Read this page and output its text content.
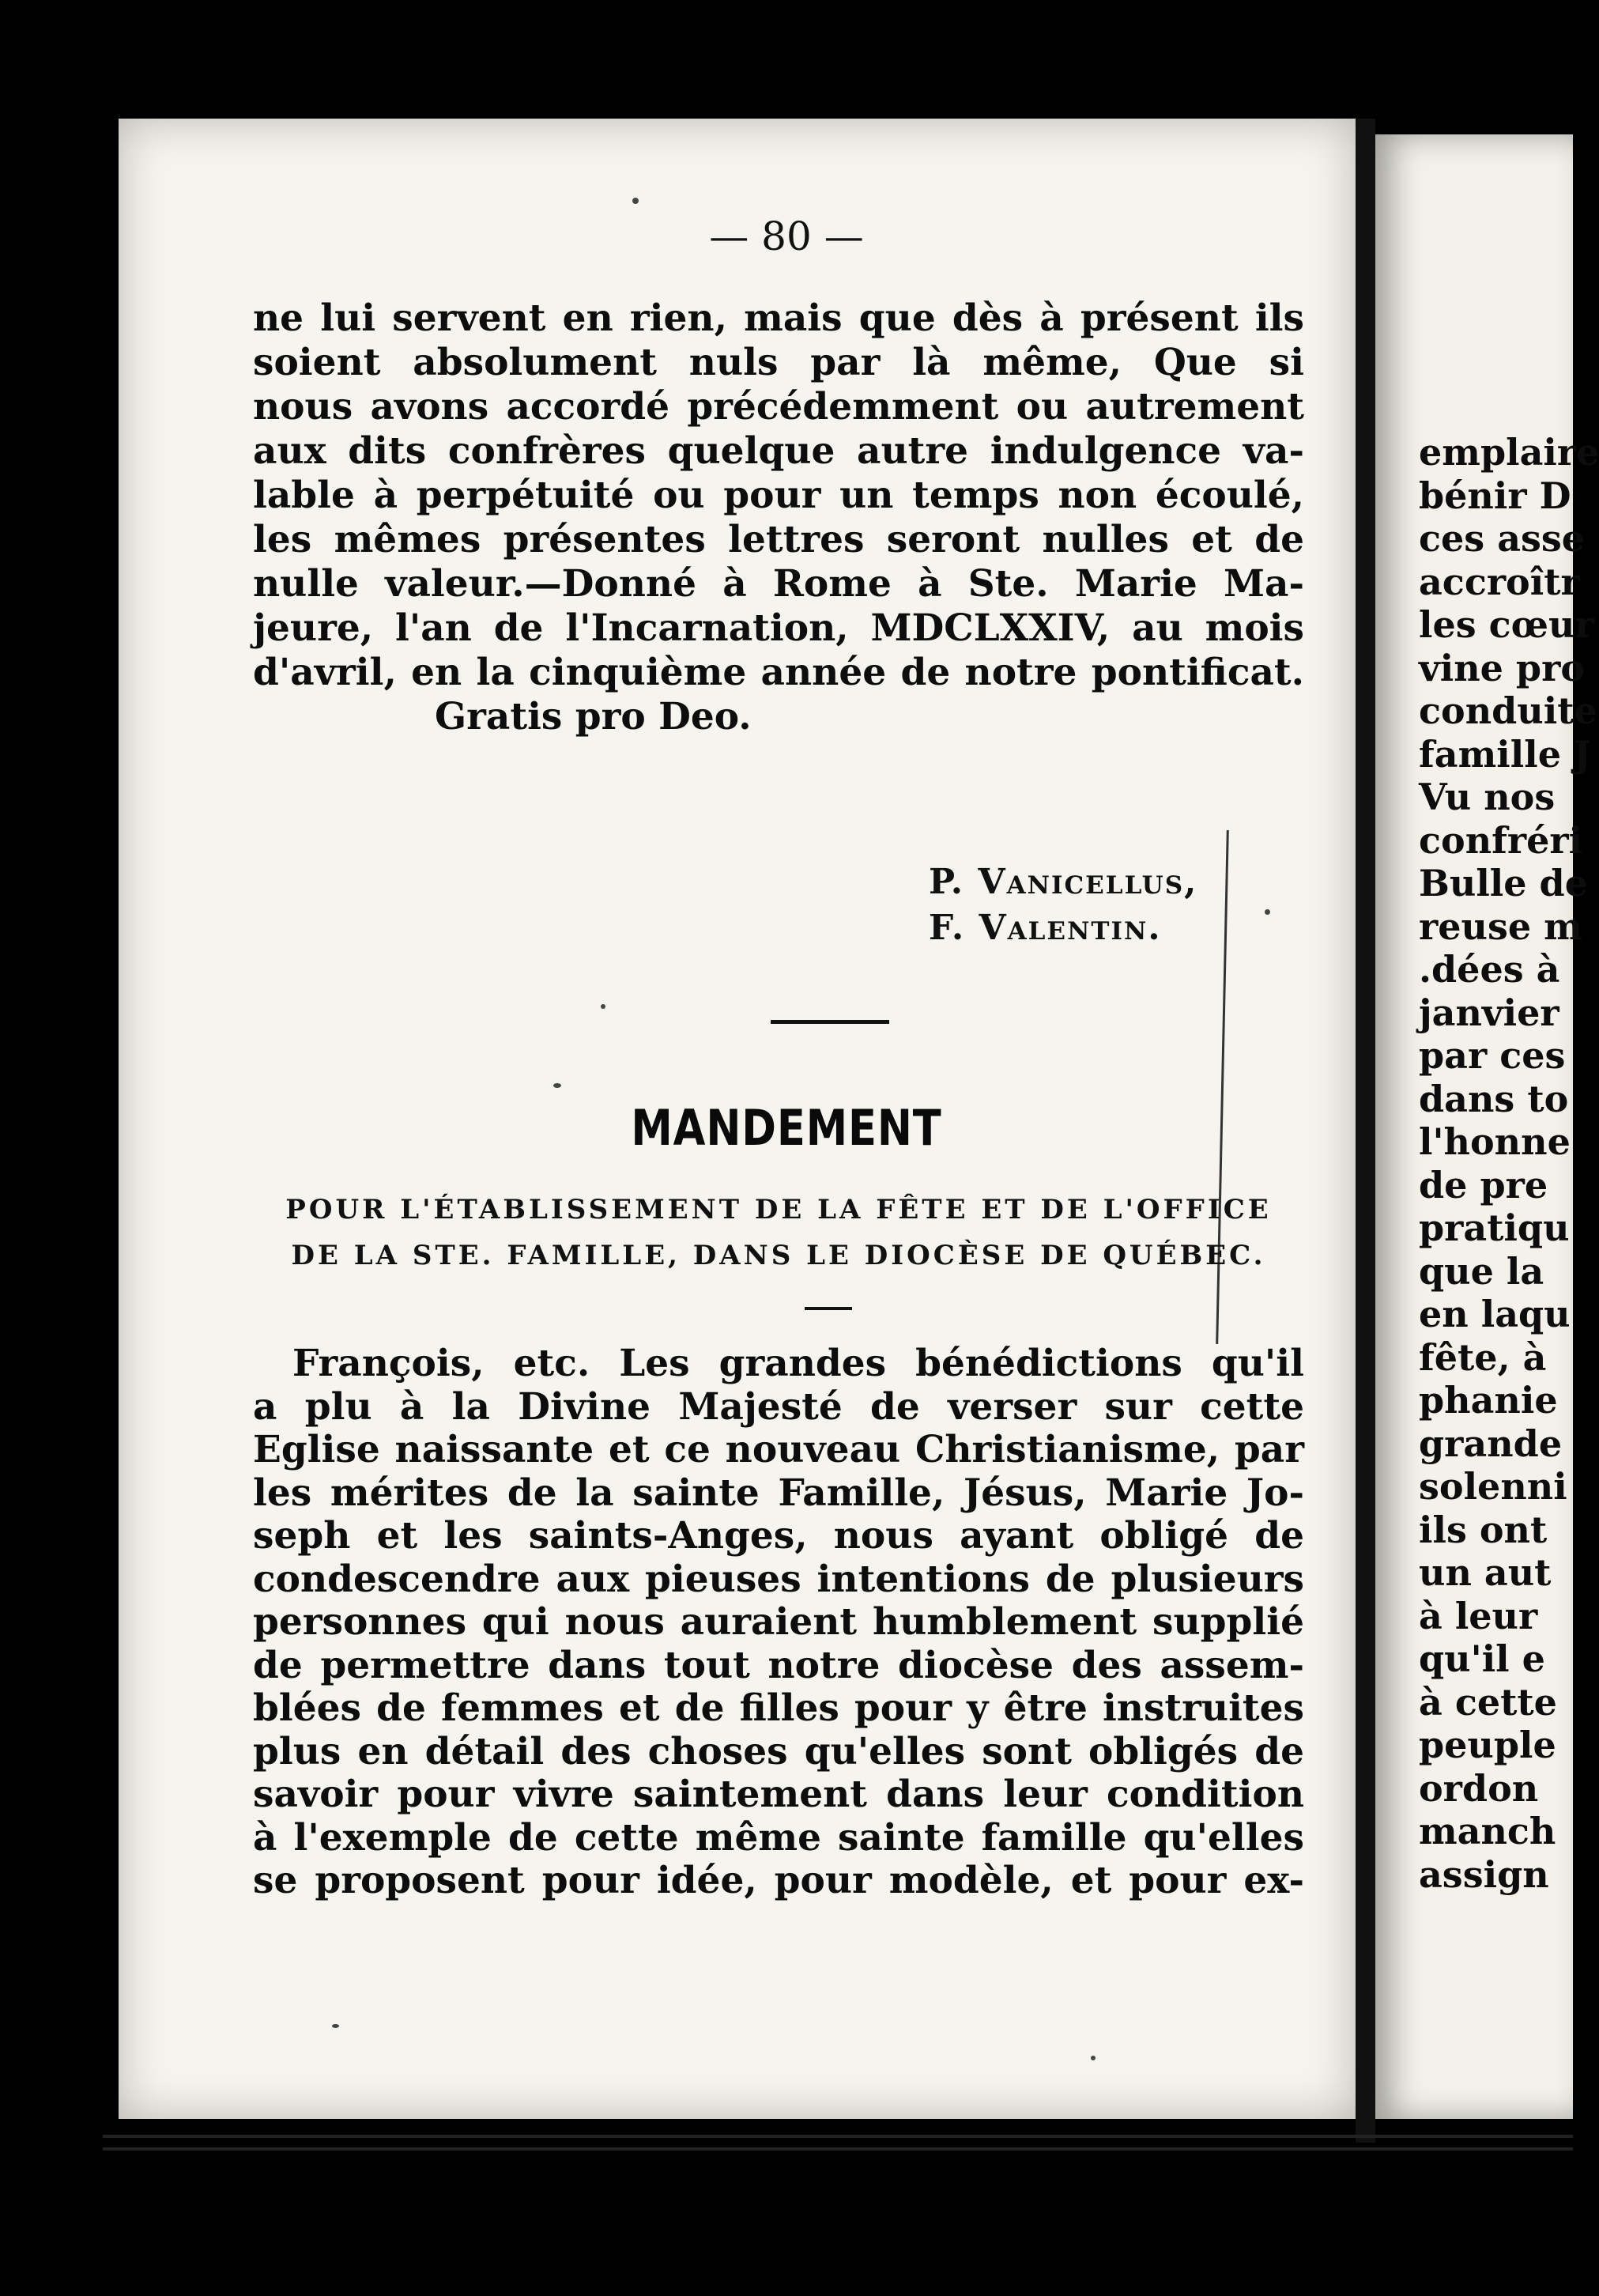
— 80 —
ne lui servent en rien, mais que dès à présent ils
soient absolument nuls par là même, Que si
nous avons accordé précédemment ou autrement
aux dits confrères quelque autre indulgence va-
lable à perpétuité ou pour un temps non écoulé,
les mêmes présentes lettres seront nulles et de
nulle valeur.—Donné à Rome à Ste. Marie Ma-
jeure, l'an de l'Incarnation, MDCLXXIV, au mois
d'avril, en la cinquième année de notre pontificat.
Gratis pro Deo.
P. Vanicellus,
F. Valentin.
MANDEMENT
POUR L'ÉTABLISSEMENT DE LA FÊTE ET DE L'OFFICE
DE LA STE. FAMILLE, DANS LE DIOCÈSE DE QUÉBEC.
François, etc. Les grandes bénédictions qu'il
a plu à la Divine Majesté de verser sur cette
Eglise naissante et ce nouveau Christianisme, par
les mérites de la sainte Famille, Jésus, Marie Jo-
seph et les saints-Anges, nous ayant obligé de
condescendre aux pieuses intentions de plusieurs
personnes qui nous auraient humblement supplié
de permettre dans tout notre diocèse des assem-
blées de femmes et de filles pour y être instruites
plus en détail des choses qu'elles sont obligés de
savoir pour vivre saintement dans leur condition
à l'exemple de cette même sainte famille qu'elles
se proposent pour idée, pour modèle, et pour ex-
emplaire
bénir D
ces asse
accroîtr
les cœur
vine pro
conduite
famille J
Vu nos
confréri
Bulle de
reuse m
.dées à
janvier
par ces
dans to
l'honne
de pre
pratiqu
que la
en laqu
fête, à
phanie
grande
solenni
ils ont
un aut
à leur
qu'il e
à cette
peuple
ordon
manch
assign
